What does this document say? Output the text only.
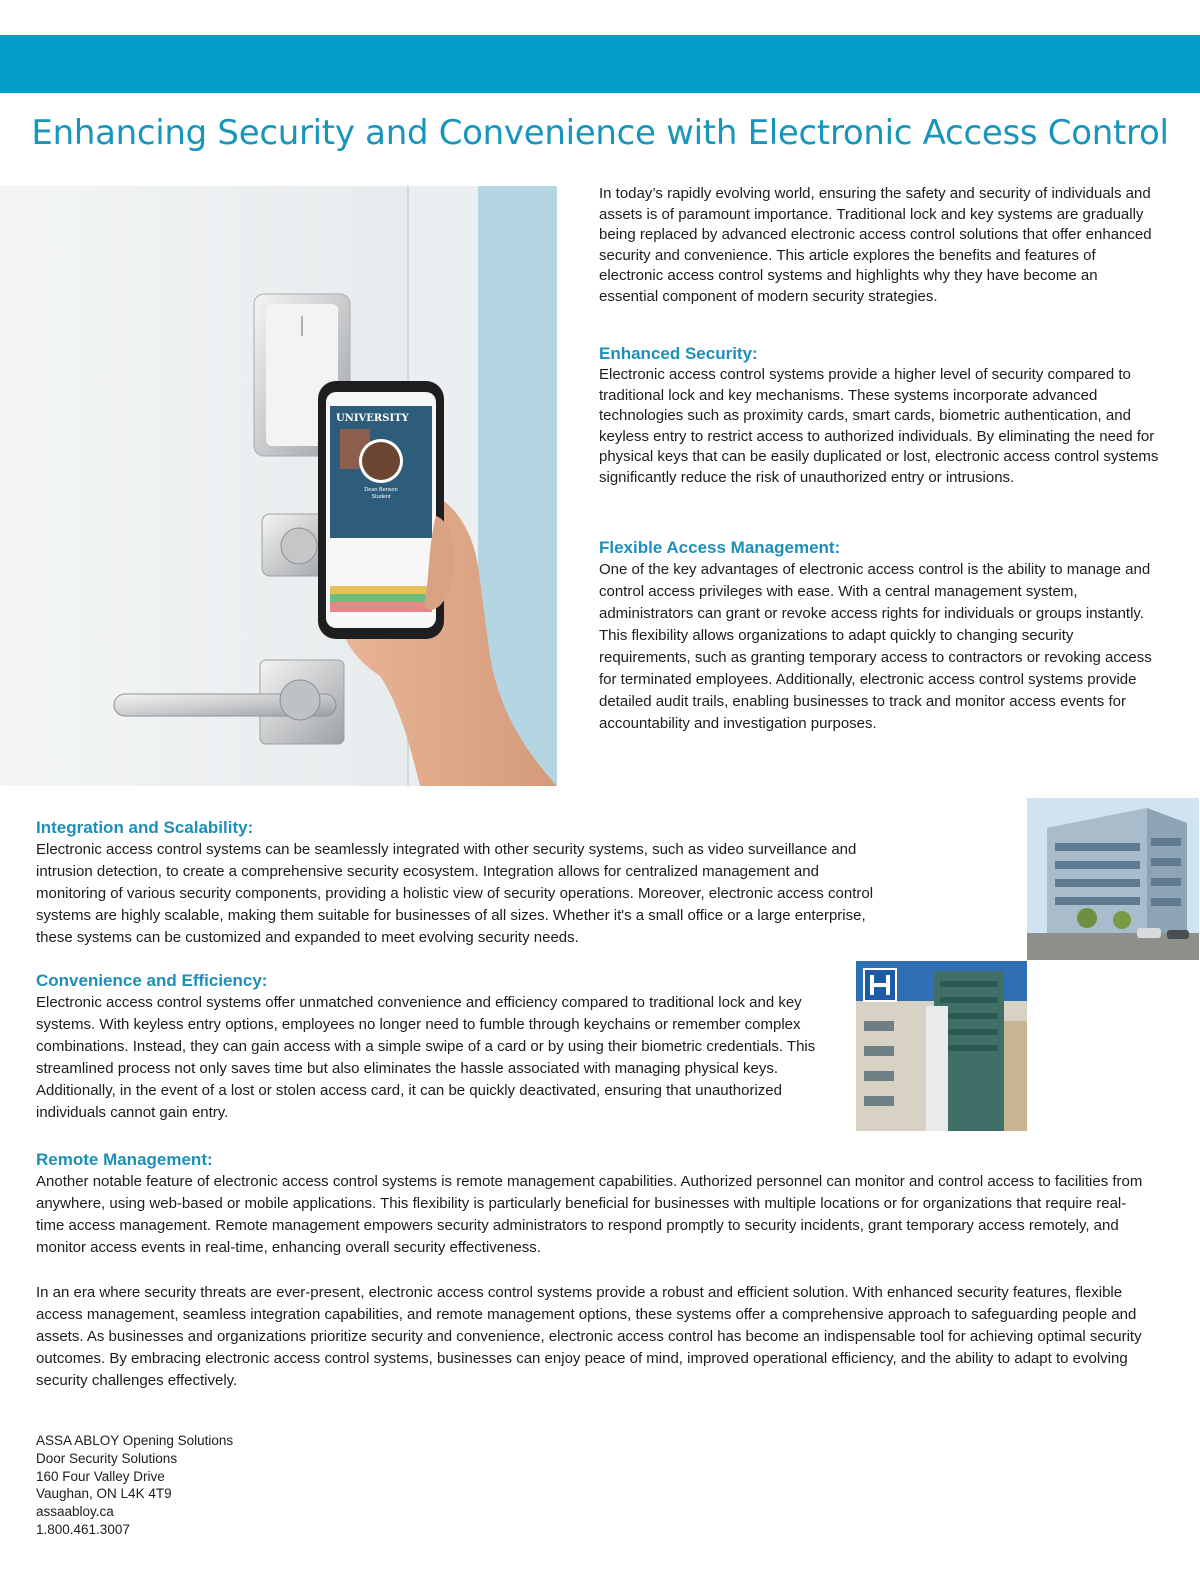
Enhancing Security and Convenience with Electronic Access Control
UNIVERSITY
Dean Benson
Student

In today’s rapidly evolving world, ensuring the safety and security of individuals and assets is of paramount importance. Traditional lock and key systems are gradually being replaced by advanced electronic access control solutions that offer enhanced security and convenience. This article explores the benefits and features of electronic access control systems and highlights why they have become an essential component of modern security strategies.

Enhanced Security:

Electronic access control systems provide a higher level of security compared to traditional lock and key mechanisms. These systems incorporate advanced technologies such as proximity cards, smart cards, biometric authentication, and keyless entry to restrict access to authorized individuals. By eliminating the need for physical keys that can be easily duplicated or lost, electronic access control systems significantly reduce the risk of unauthorized entry or intrusions.

Flexible Access Management:

One of the key advantages of electronic access control is the ability to manage and control access privileges with ease. With a central management system, administrators can grant or revoke access rights for individuals or groups instantly. This flexibility allows organizations to adapt quickly to changing security requirements, such as granting temporary access to contractors or revoking access for terminated employees. Additionally, electronic access control systems provide detailed audit trails, enabling businesses to track and monitor access events for accountability and investigation purposes.

Integration and Scalability:

Electronic access control systems can be seamlessly integrated with other security systems, such as video surveillance and intrusion detection, to create a comprehensive security ecosystem. Integration allows for centralized management and monitoring of various security components, providing a holistic view of security operations. Moreover, electronic access control systems are highly scalable, making them suitable for businesses of all sizes. Whether it's a small office or a large enterprise, these systems can be customized and expanded to meet evolving security needs.

Convenience and Efficiency:

Electronic access control systems offer unmatched convenience and efficiency compared to traditional lock and key systems. With keyless entry options, employees no longer need to fumble through keychains or remember complex combinations. Instead, they can gain access with a simple swipe of a card or by using their biometric credentials. This streamlined process not only saves time but also eliminates the hassle associated with managing physical keys. Additionally, in the event of a lost or stolen access card, it can be quickly deactivated, ensuring that unauthorized individuals cannot gain entry.

Remote Management:

Another notable feature of electronic access control systems is remote management capabilities. Authorized personnel can monitor and control access to facilities from anywhere, using web-based or mobile applications. This flexibility is particularly beneficial for businesses with multiple locations or for organizations that require real-time access management. Remote management empowers security administrators to respond promptly to security incidents, grant temporary access remotely, and monitor access events in real-time, enhancing overall security effectiveness.

In an era where security threats are ever-present, electronic access control systems provide a robust and efficient solution. With enhanced security features, flexible access management, seamless integration capabilities, and remote management options, these systems offer a comprehensive approach to safeguarding people and assets. As businesses and organizations prioritize security and convenience, electronic access control has become an indispensable tool for achieving optimal security outcomes. By embracing electronic access control systems, businesses can enjoy peace of mind, improved operational efficiency, and the ability to adapt to evolving security challenges effectively.

ASSA ABLOY Opening Solutions
Door Security Solutions
160 Four Valley Drive
Vaughan, ON L4K 4T9
assaabloy.ca
1.800.461.3007
